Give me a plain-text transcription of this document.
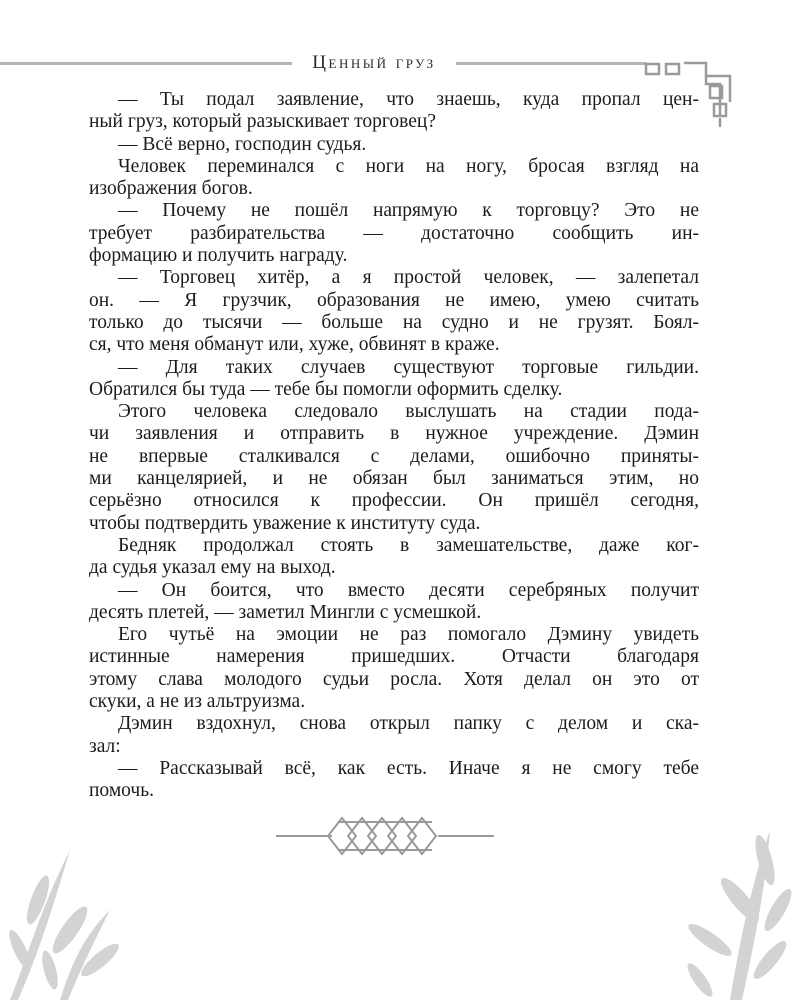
Ценный груз
— Ты подал заявление, что знаешь, куда пропал цен-
ный груз, который разыскивает торговец?
— Всё верно, господин судья.
Человек переминался с ноги на ногу, бросая взгляд на
изображения богов.
— Почему не пошёл напрямую к торговцу? Это не
требует разбирательства — достаточно сообщить ин-
формацию и получить награду.
— Торговец хитёр, а я простой человек, — залепетал
он. — Я грузчик, образования не имею, умею считать
только до тысячи — больше на судно и не грузят. Боял-
ся, что меня обманут или, хуже, обвинят в краже.
— Для таких случаев существуют торговые гильдии.
Обратился бы туда — тебе бы помогли оформить сделку.
Этого человека следовало выслушать на стадии пода-
чи заявления и отправить в нужное учреждение. Дэмин
не впервые сталкивался с делами, ошибочно приняты-
ми канцелярией, и не обязан был заниматься этим, но
серьёзно относился к профессии. Он пришёл сегодня,
чтобы подтвердить уважение к институту суда.
Бедняк продолжал стоять в замешательстве, даже ког-
да судья указал ему на выход.
— Он боится, что вместо десяти серебряных получит
десять плетей, — заметил Мингли с усмешкой.
Его чутьё на эмоции не раз помогало Дэмину увидеть
истинные намерения пришедших. Отчасти благодаря
этому слава молодого судьи росла. Хотя делал он это от
скуки, а не из альтруизма.
Дэмин вздохнул, снова открыл папку с делом и ска-
зал:
— Рассказывай всё, как есть. Иначе я не смогу тебе
помочь.
